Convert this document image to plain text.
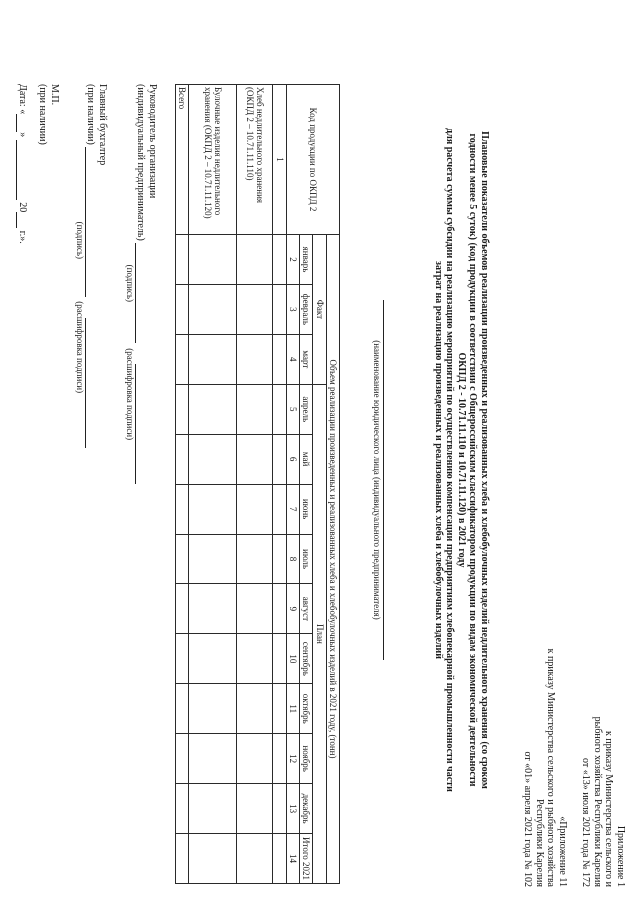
Приложение 1
к приказу Министерства сельского и
рыбного хозяйства Республики Карелия
от «13» июля 2021 года № 172
«Приложение 11
к приказу Министерства сельского и рыбного хозяйства
Республики Карелия
от «01» апреля 2021 года № 102
Плановые показатели объемов реализации произведенных и реализованных хлеба и хлебобулочных изделий недлительного хранения (со сроком
годности менее 5 суток) (код продукции в соответствии с Общероссийским классификатором продукции по видам экономической деятельности
ОКПД 2 - 10.71.11.110 и 10.71.11.120) в 2021 году
для расчета суммы субсидии на реализацию мероприятий по осуществлению компенсации предприятиям хлебопекарной промышленности части
затрат на реализацию произведенных и реализованных хлеба и хлебобулочных изделий
(наименование юридического лица (индивидуального предпринимателя)
Код продукции по ОКПД 2	Объем реализации произведенных и реализованных хлеба и хлебобулочных изделий в 2021 году, (тонн)												
	Факт			План									
	январь	февраль	март	апрель	май	июнь	июль	август	сентябрь	октябрь	ноябрь	декабрь	Итого 2021
	2	3	4	5	6	7	8	9	10	11	12	13	14
1													
Хлеб недлительного хранения (ОКПД 2 – 10.71.11.110)													
Булочные изделия недлительного хранения (ОКПД 2 – 10.71.11.120)													
Всего													
Руководитель организации
(индивидуальный предприниматель)
(подпись) (расшифровка подписи)
Главный бухгалтер
(при наличии)
(подпись) (расшифровка подписи)
М.П.
(при наличии)
Дата: «»  20 г.».
